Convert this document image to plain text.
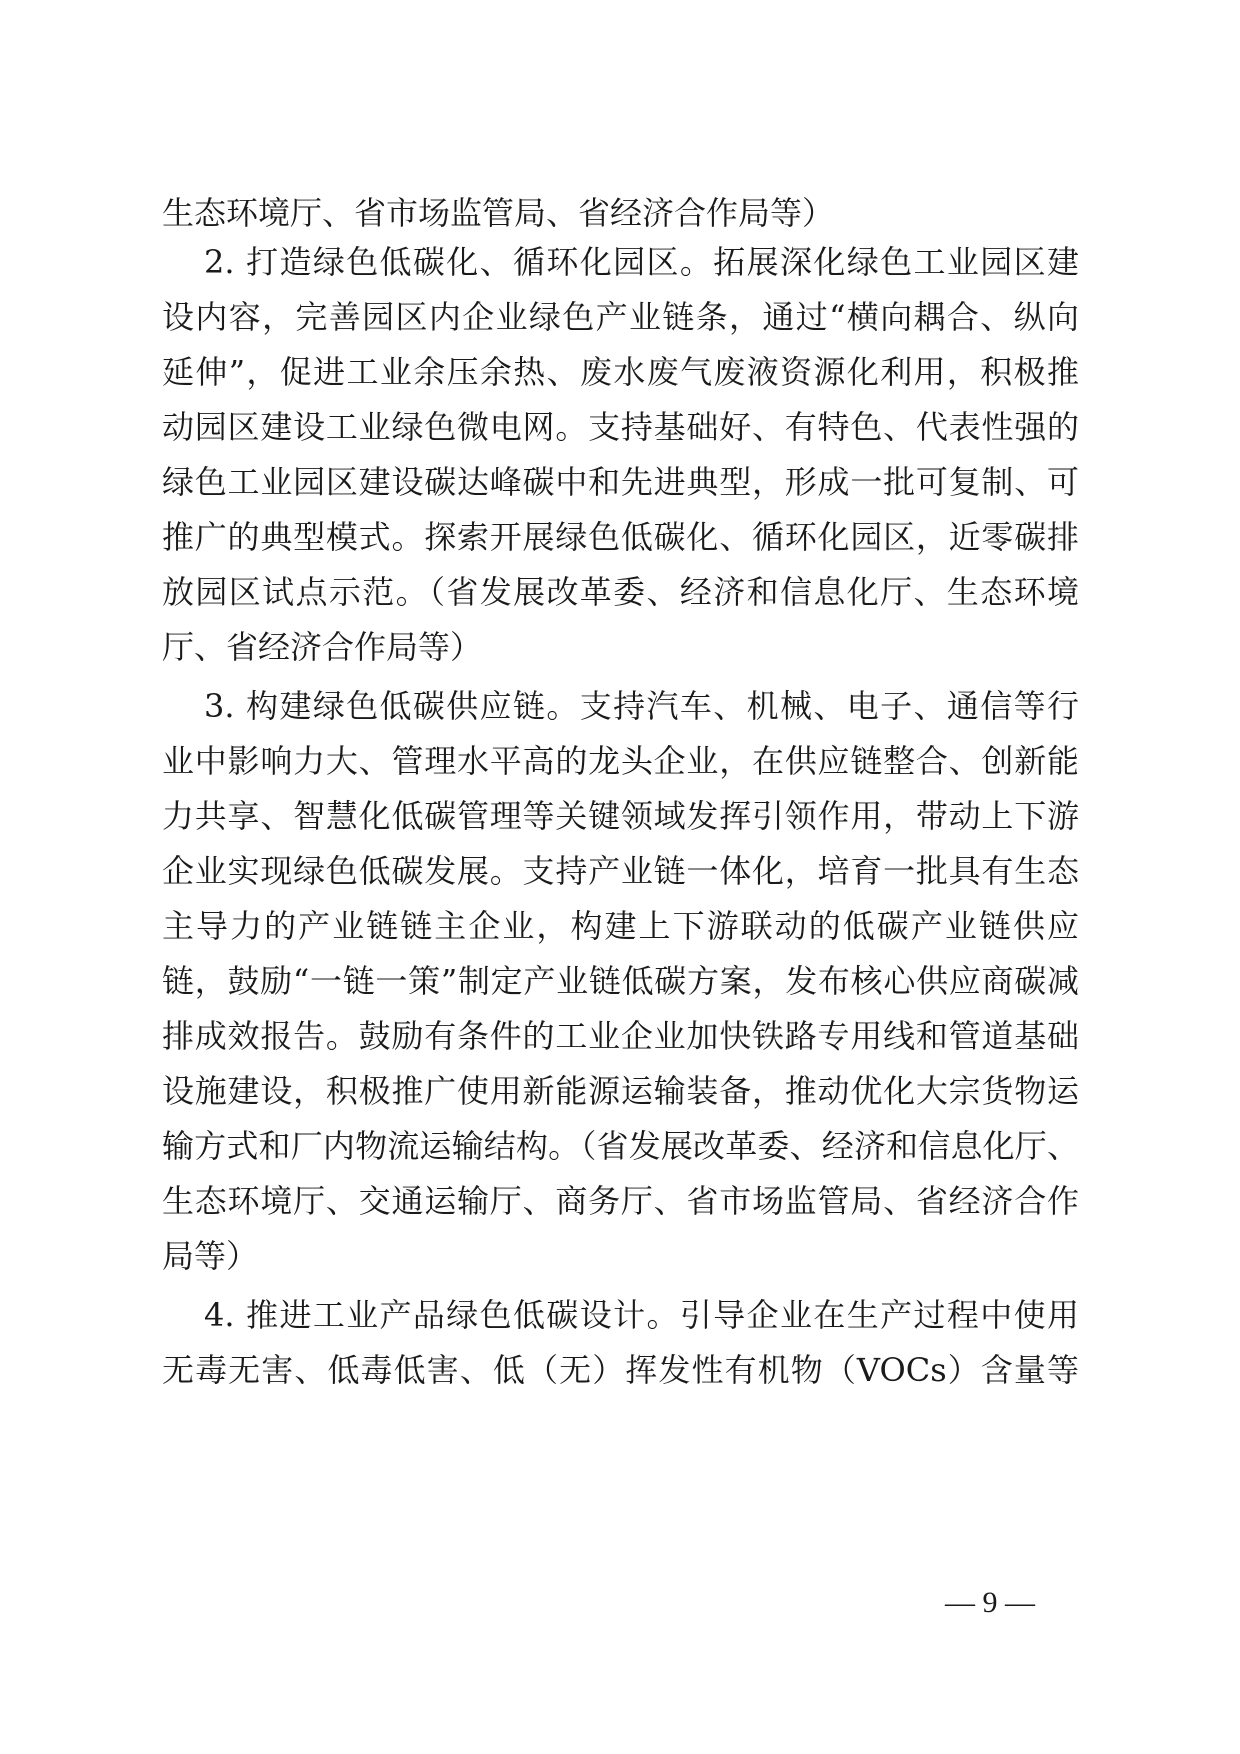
生态环境厅、省市场监管局、省经济合作局等）
2. 打造绿色低碳化、循环化园区。拓展深化绿色工业园区建
设内容，完善园区内企业绿色产业链条，通过“横向耦合、纵向
延伸”，促进工业余压余热、废水废气废液资源化利用，积极推
动园区建设工业绿色微电网。支持基础好、有特色、代表性强的
绿色工业园区建设碳达峰碳中和先进典型，形成一批可复制、可
推广的典型模式。探索开展绿色低碳化、循环化园区，近零碳排
放园区试点示范。（省发展改革委、经济和信息化厅、生态环境
厅、省经济合作局等）
3. 构建绿色低碳供应链。支持汽车、机械、电子、通信等行
业中影响力大、管理水平高的龙头企业，在供应链整合、创新能
力共享、智慧化低碳管理等关键领域发挥引领作用，带动上下游
企业实现绿色低碳发展。支持产业链一体化，培育一批具有生态
主导力的产业链链主企业，构建上下游联动的低碳产业链供应
链，鼓励“一链一策”制定产业链低碳方案，发布核心供应商碳减
排成效报告。鼓励有条件的工业企业加快铁路专用线和管道基础
设施建设，积极推广使用新能源运输装备，推动优化大宗货物运
输方式和厂内物流运输结构。（省发展改革委、经济和信息化厅、
生态环境厅、交通运输厅、商务厅、省市场监管局、省经济合作
局等）
4. 推进工业产品绿色低碳设计。引导企业在生产过程中使用
无毒无害、低毒低害、低（无）挥发性有机物（VOCs）含量等
— 9 —
